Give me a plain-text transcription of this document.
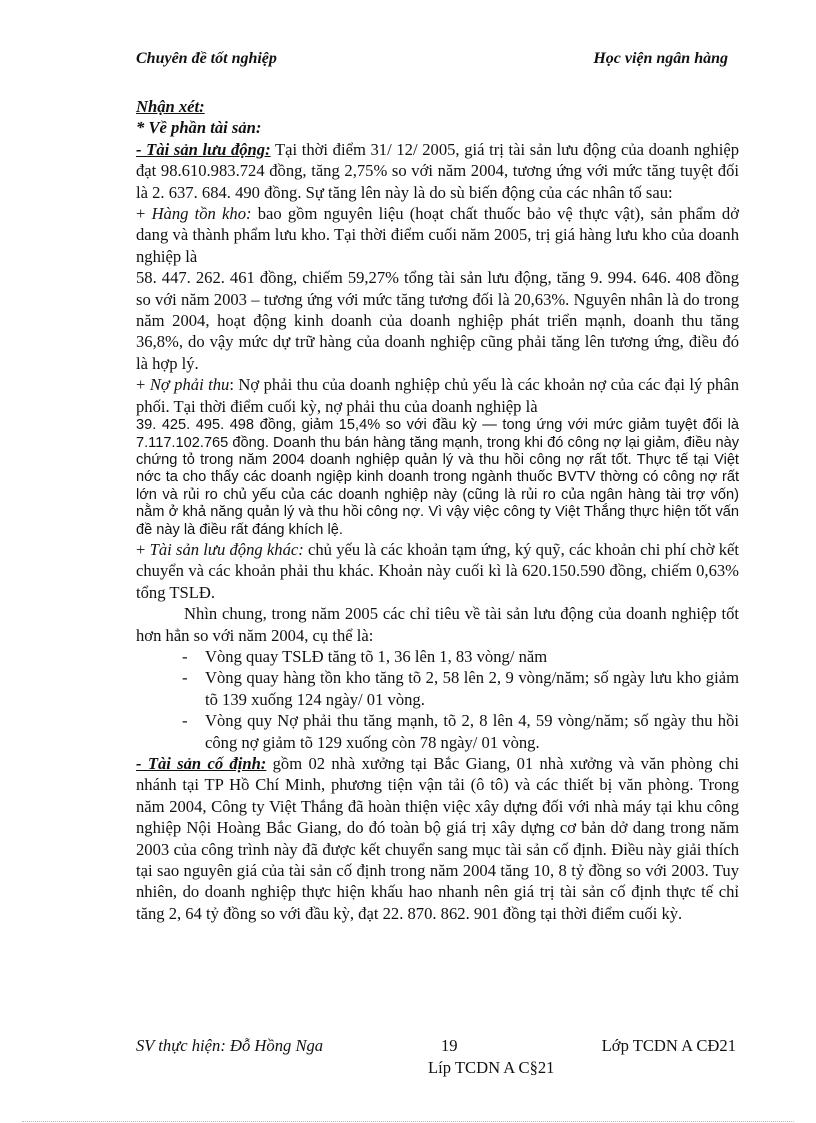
Chuyên đề tốt nghiệp	Học viện ngân hàng

Nhận xét:

* Về phần tài sản:

- Tài sản lưu động: Tại thời điểm 31/ 12/ 2005, giá trị tài sản lưu động của doanh nghiệp đạt 98.610.983.724 đồng, tăng 2,75% so với năm 2004, tương ứng với mức tăng tuyệt đối là 2. 637. 684. 490 đồng. Sự tăng lên này là do sù biến động của các nhân tố sau:

+ Hàng tồn kho: bao gồm nguyên liệu (hoạt chất thuốc bảo vệ thực vật), sản phẩm dở dang và thành phẩm lưu kho. Tại thời điểm cuối năm 2005, trị giá hàng lưu kho của doanh nghiệp là

58. 447. 262. 461 đồng, chiếm 59,27% tổng tài sản lưu động, tăng 9. 994. 646. 408 đồng so với năm 2003 – tương ứng với mức tăng tương đối là 20,63%. Nguyên nhân là do trong năm 2004, hoạt động kinh doanh của doanh nghiệp phát triển mạnh, doanh thu tăng 36,8%, do vậy mức dự trữ hàng của doanh nghiệp cũng phải tăng lên tương ứng, điều đó là hợp lý.

+ Nợ phải thu: Nợ phải thu của doanh nghiệp chủ yếu là các khoản nợ của các đại lý phân phối. Tại thời điểm cuối kỳ, nợ phải thu của doanh nghiệp là

39. 425. 495. 498 đồng, giảm 15,4% so với đầu kỳ — tong ứng với mức giảm tuyệt đối là 7.117.102.765 đồng. Doanh thu bán hàng tăng mạnh, trong khi đó công nợ lại giảm, điều này chứng tỏ trong năm 2004 doanh nghiệp quản lý và thu hồi công nợ rất tốt. Thực tế tại Việt nớc ta cho thấy các doanh ngiệp kinh doanh trong ngành thuốc BVTV thờng có công nợ rất lớn và rủi ro chủ yếu của các doanh nghiệp này (cũng là rủi ro của ngân hàng tài trợ vốn) nằm ở khả năng quản lý và thu hồi công nợ. Vì vậy việc công ty Việt Thắng thực hiện tốt vấn đề này là điều rất đáng khích lệ.

+ Tài sản lưu động khác: chủ yếu là các khoản tạm ứng, ký quỹ, các khoản chi phí chờ kết chuyển và các khoản phải thu khác. Khoản này cuối kì là 620.150.590 đồng, chiếm 0,63% tổng TSLĐ.

Nhìn chung, trong năm 2005 các chỉ tiêu về tài sản lưu động của doanh nghiệp tốt hơn hẳn so với năm 2004, cụ thể là:

- Vòng quay TSLĐ tăng tõ 1, 36 lên 1, 83 vòng/ năm
- Vòng quay hàng tồn kho tăng tõ 2, 58 lên 2, 9 vòng/năm; số ngày lưu kho giảm tõ 139 xuống 124 ngày/ 01 vòng.
- Vòng quy Nợ phải thu tăng mạnh, tõ 2, 8 lên 4, 59 vòng/năm; số ngày thu hồi công nợ giảm tõ 129 xuống còn 78 ngày/ 01 vòng.

- Tài sản cố định: gồm 02 nhà xưởng tại Bắc Giang, 01 nhà xưởng và văn phòng chi nhánh tại TP Hồ Chí Minh, phương tiện vận tải (ô tô) và các thiết bị văn phòng. Trong năm 2004, Công ty Việt Thắng đã hoàn thiện việc xây dựng đối với nhà máy tại khu công nghiệp Nội Hoàng Bắc Giang, do đó toàn bộ giá trị xây dựng cơ bản dở dang trong năm 2003 của công trình này đã được kết chuyển sang mục tài sản cố định. Điều này giải thích tại sao nguyên giá của tài sản cố định trong năm 2004 tăng 10, 8 tỷ đồng so với 2003. Tuy nhiên, do doanh nghiệp thực hiện khấu hao nhanh nên giá trị tài sản cố định thực tế chỉ tăng 2, 64 tỷ đồng so với đầu kỳ, đạt 22. 870. 862. 901 đồng tại thời điểm cuối kỳ.

SV thực hiện: Đỗ Hồng Nga	19	Lớp TCDN A CĐ21
Líp TCDN A C§21
